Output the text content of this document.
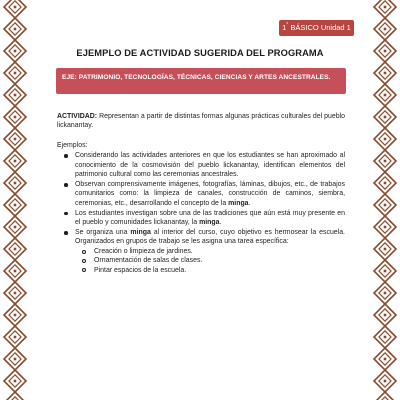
1° BÁSICO Unidad 1
EJEMPLO DE ACTIVIDAD SUGERIDA DEL PROGRAMA
EJE: PATRIMONIO, TECNOLOGÍAS, TÉCNICAS, CIENCIAS Y ARTES ANCESTRALES.

ACTIVIDAD: Representan a partir de distintas formas algunas prácticas culturales del pueblo lickanantay.

Ejemplos:

Considerando las actividades anteriores en que los estudiantes se han aproximado al conocimiento de la cosmovisión del pueblo lickanantay, identifican elementos del patrimonio cultural como las ceremonias ancestrales.
Observan comprensivamente imágenes, fotografías, láminas, dibujos, etc., de trabajos comunitarios como: la limpieza de canales, construcción de caminos, siembra, ceremonias, etc., desarrollando el concepto de la minga.
Los estudiantes investigan sobre una de las tradiciones que aún está muy presente en el pueblo y comunidades lickanantay, la minga.
Se organiza una minga al interior del curso, cuyo objetivo es hermosear la escuela. Organizados en grupos de trabajo se les asigna una tarea específica:
Creación o limpieza de jardines.
Ornamentación de salas de clases.
Pintar espacios de la escuela.
